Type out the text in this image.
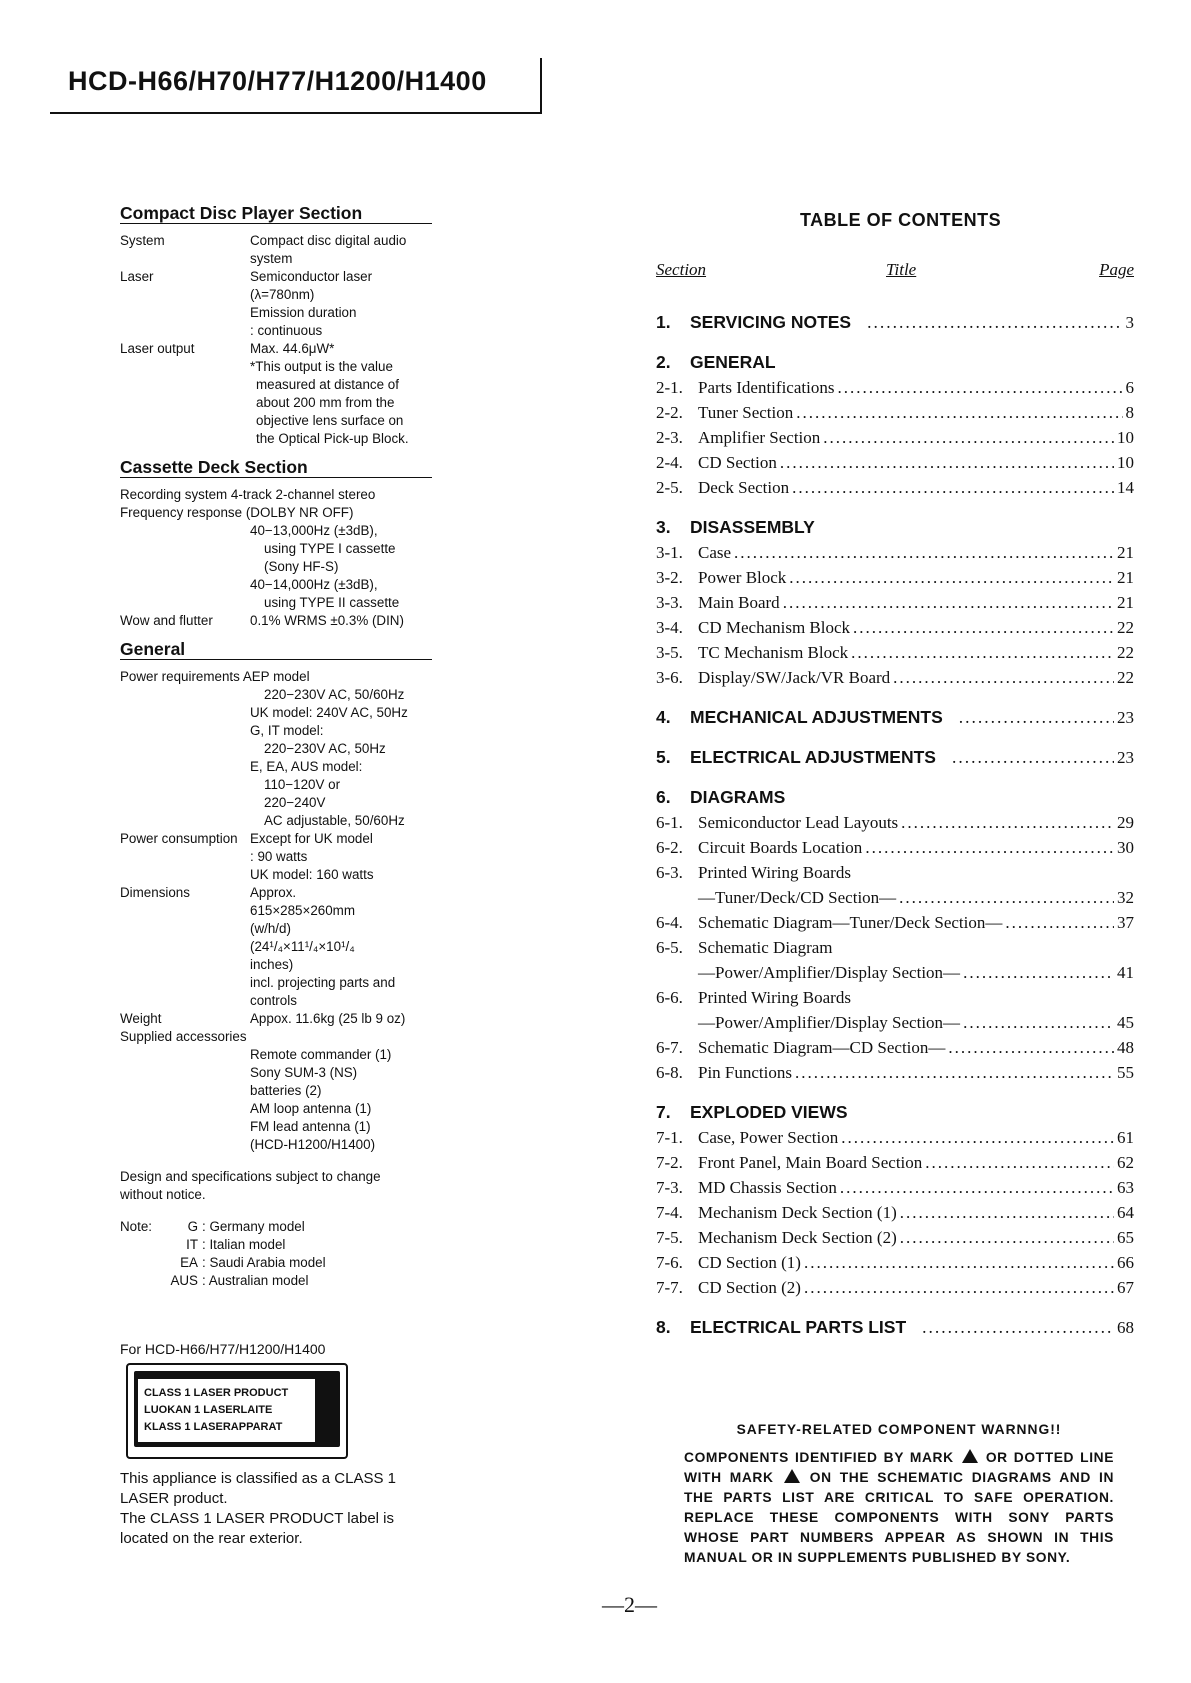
HCD-H66/H70/H77/H1200/H1400
Compact Disc Player Section
System	Compact disc digital audio
system
Laser	Semiconductor laser
(λ=780nm)
Emission duration
: continuous
Laser output	Max. 44.6μW*
*This output is the value
measured at distance of
about 200 mm from the
objective lens surface on
the Optical Pick-up Block.
Cassette Deck Section
Recording system 4-track 2-channel stereo
Frequency response (DOLBY NR OFF)
40−13,000Hz (±3dB),
using TYPE I cassette
(Sony HF-S)
40−14,000Hz (±3dB),
using TYPE II cassette
Wow and flutter	0.1% WRMS ±0.3% (DIN)
General
Power requirements AEP model
220−230V AC, 50/60Hz
UK model: 240V AC, 50Hz
G, IT model:
220−230V AC, 50Hz
E, EA, AUS model:
110−120V or
220−240V
AC adjustable, 50/60Hz
Power consumption Except for UK model
: 90 watts
UK model: 160 watts
Dimensions	Approx.
615×285×260mm
(w/h/d)
(24¹/₄×11¹/₄×10¹/₄
inches)
incl. projecting parts and
controls
Weight	Appox. 11.6kg (25 lb 9 oz)
Supplied accessories
Remote commander (1)
Sony SUM-3 (NS)
batteries (2)
AM loop antenna (1)
FM lead antenna (1)
(HCD-H1200/H1400)
Design and specifications subject to change
without notice.
Note:	G : Germany model
IT : Italian model
EA : Saudi Arabia model
AUS : Australian model
For HCD-H66/H77/H1200/H1400
CLASS 1 LASER PRODUCT
LUOKAN 1 LASERLAITE
KLASS 1 LASERAPPARAT
This appliance is classified as a CLASS 1
LASER product.
The CLASS 1 LASER PRODUCT label is
located on the rear exterior.
TABLE OF CONTENTS
Section	Title	Page
1.	SERVICING NOTES .....	3
2.	GENERAL
2-1. Parts Identifications .....	6
2-2. Tuner Section .....	8
2-3. Amplifier Section .....	10
2-4. CD Section .....	10
2-5. Deck Section .....	14
3.	DISASSEMBLY
3-1. Case .....	21
3-2. Power Block .....	21
3-3. Main Board .....	21
3-4. CD Mechanism Block .....	22
3-5. TC Mechanism Block .....	22
3-6. Display/SW/Jack/VR Board .....	22
4.	MECHANICAL ADJUSTMENTS .....	23
5.	ELECTRICAL ADJUSTMENTS .....	23
6.	DIAGRAMS
6-1. Semiconductor Lead Layouts .....	29
6-2. Circuit Boards Location .....	30
6-3. Printed Wiring Boards
—Tuner/Deck/CD Section— .....	32
6-4. Schematic Diagram—Tuner/Deck Section— .....	37
6-5. Schematic Diagram
—Power/Amplifier/Display Section— .....	41
6-6. Printed Wiring Boards
—Power/Amplifier/Display Section— .....	45
6-7. Schematic Diagram—CD Section— .....	48
6-8. Pin Functions .....	55
7.	EXPLODED VIEWS
7-1. Case, Power Section .....	61
7-2. Front Panel, Main Board Section .....	62
7-3. MD Chassis Section .....	63
7-4. Mechanism Deck Section (1) .....	64
7-5. Mechanism Deck Section (2) .....	65
7-6. CD Section (1) .....	66
7-7. CD Section (2) .....	67
8.	ELECTRICAL PARTS LIST .....	68
SAFETY-RELATED COMPONENT WARNNG!!
COMPONENTS IDENTIFIED BY MARK OR DOTTED LINE WITH MARK	ON THE SCHEMATIC DIAGRAMS AND IN THE PARTS LIST ARE CRITICAL TO SAFE OPERATION. REPLACE THESE COMPONENTS WITH SONY PARTS WHOSE PART NUMBERS APPEAR AS SHOWN IN THIS MANUAL OR IN SUPPLEMENTS PUBLISHED BY SONY.
—2—
